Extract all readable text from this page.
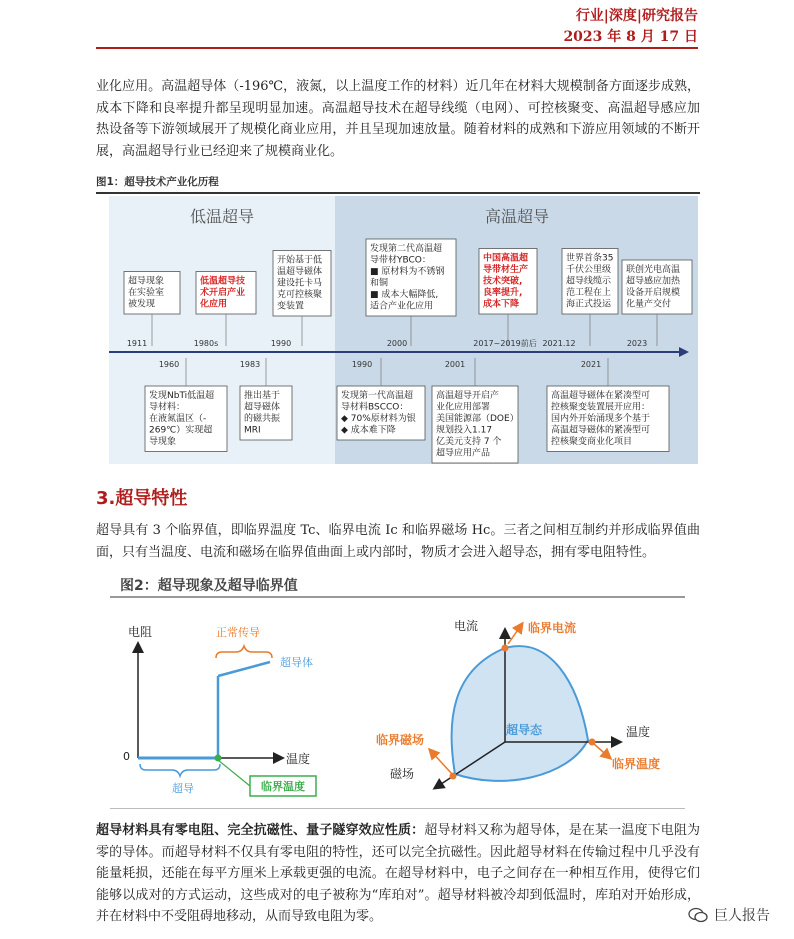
行业|深度|研究报告
2023 年 8 月 17 日
业化应用。高温超导体（-196℃，液氮，以上温度工作的材料）近几年在材料大规模制备方面逐步成熟，成本下降和良率提升都呈现明显加速。高温超导技术在超导线缆（电网）、可控核聚变、高温超导感应加热设备等下游领域展开了规模化商业应用，并且呈现加速放量。随着材料的成熟和下游应用领域的不断开展，高温超导行业已经迎来了规模商业化。
图1：超导技术产业化历程
低温超导	高温超导
超导现象
在实验室
被发现
低温超导技
术开启产业
化应用
开始基于低
温超导磁体
建设托卡马
克可控核聚
变装置
发现第二代高温超
导带材YBCO：
■ 原材料为不锈钢
和铜
■ 成本大幅降低,
适合产业化应用
中国高温超
导带材生产
技术突破,
良率提升,
成本下降
世界首条35
千伏公里级
超导线缆示
范工程在上
海正式投运
联创光电高温
超导感应加热
设备开启规模
化量产交付
发现NbTi低温超
导材料：
在液氮温区（-
269℃）实现超
导现象
推出基于
超导磁体
的磁共振
MRI
发现第一代高温超
导材料BSCCO：
◆ 70%原材料为银
◆ 成本难下降
高温超导开启产
业化应用部署
美国能源部（DOE）
规划投入1.17
亿美元支持 7 个
超导应用产品
高温超导磁体在紧凑型可
控核聚变装置展开应用：
国内外开始涌现多个基于
高温超导磁体的紧凑型可
控核聚变商业化项目
1911	1980s	1990	2000	2017~2019前后 2021.12	2023
1960	1983	1990	2001	2021
3.超导特性
超导具有 3 个临界值，即临界温度 Tc、临界电流 Ic 和临界磁场 Hc。三者之间相互制约并形成临界值曲面，只有当温度、电流和磁场在临界值曲面上或内部时，物质才会进入超导态，拥有零电阻特性。
图2：超导现象及超导临界值
电阻
0	温度
正常传导
超导体
超导	临界温度
电流
温度
磁场
超导态
临界电流
临界温度
临界磁场
超导材料具有零电阻、完全抗磁性、量子隧穿效应性质：超导材料又称为超导体，是在某一温度下电阻为零的导体。而超导材料不仅具有零电阻的特性，还可以完全抗磁性。因此超导材料在传输过程中几乎没有能量耗损，还能在每平方厘米上承载更强的电流。在超导材料中，电子之间存在一种相互作用，使得它们能够以成对的方式运动，这些成对的电子被称为“库珀对”。超导材料被冷却到低温时，库珀对开始形成，并在材料中不受阻碍地移动，从而导致电阻为零。	巨人报告
